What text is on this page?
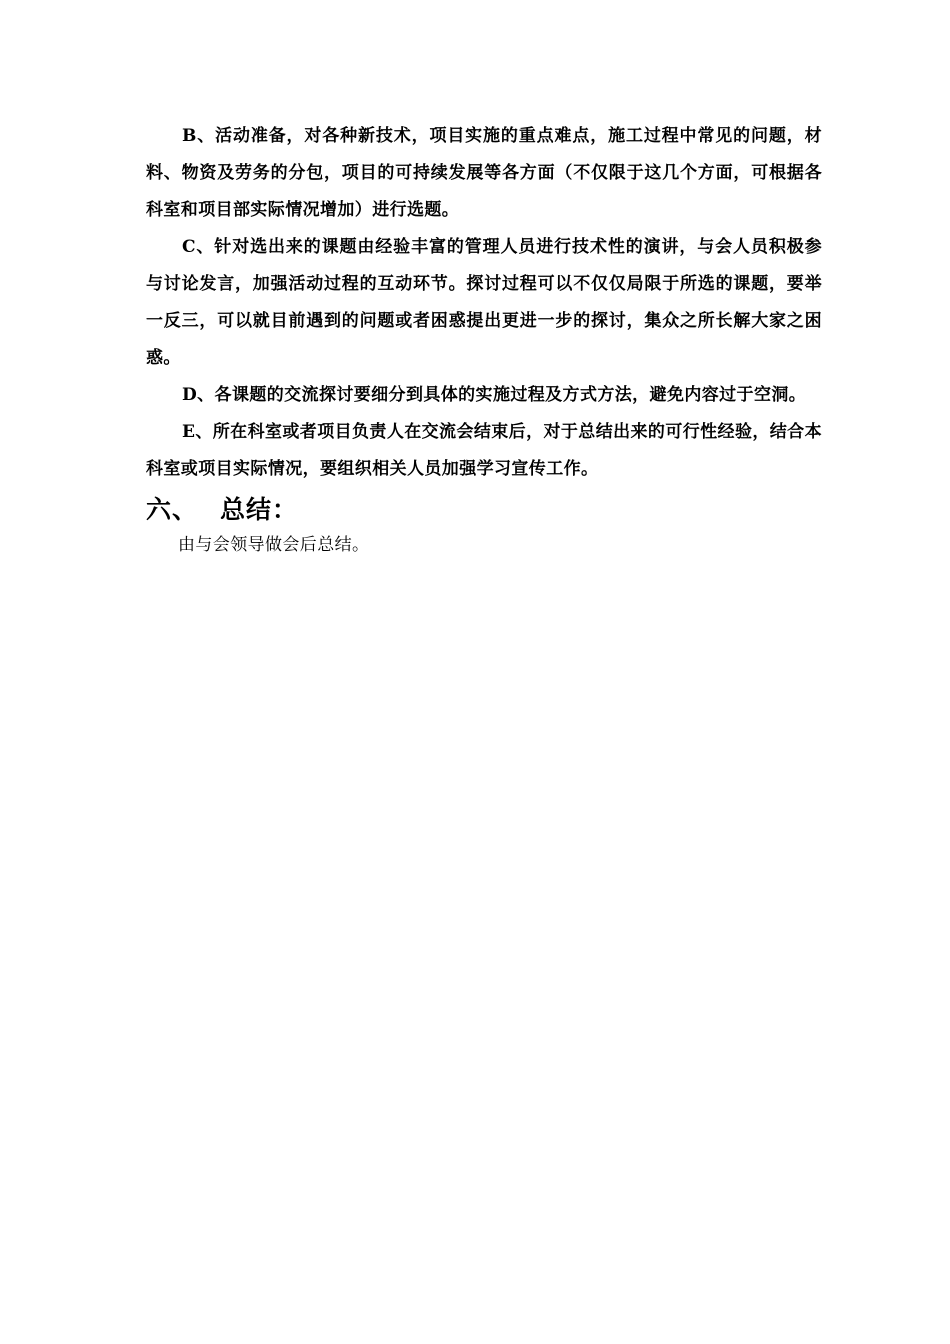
B、活动准备，对各种新技术，项目实施的重点难点，施工过程中常见的问题，材料、物资及劳务的分包，项目的可持续发展等各方面（不仅限于这几个方面，可根据各科室和项目部实际情况增加）进行选题。

C、针对选出来的课题由经验丰富的管理人员进行技术性的演讲，与会人员积极参与讨论发言，加强活动过程的互动环节。探讨过程可以不仅仅局限于所选的课题，要举一反三，可以就目前遇到的问题或者困惑提出更进一步的探讨，集众之所长解大家之困惑。

D、各课题的交流探讨要细分到具体的实施过程及方式方法，避免内容过于空洞。

E、所在科室或者项目负责人在交流会结束后，对于总结出来的可行性经验，结合本科室或项目实际情况，要组织相关人员加强学习宣传工作。

六、 总结：

由与会领导做会后总结。
